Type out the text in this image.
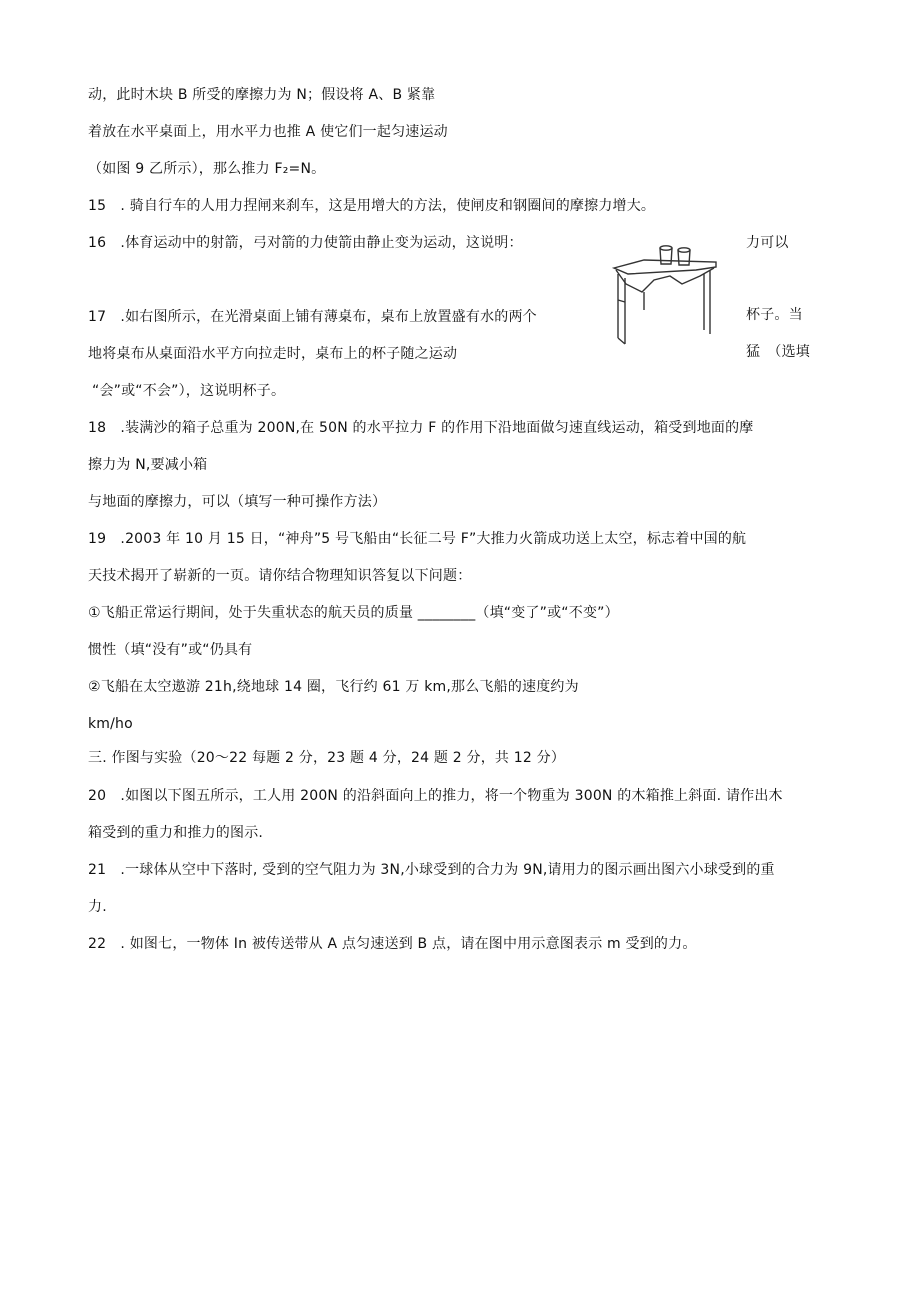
动，此时木块 B 所受的摩擦力为 N；假设将 A、B 紧靠
着放在水平桌面上，用水平力也推 A 使它们一起匀速运动
（如图 9 乙所示），那么推力 F₂=N。
15　. 骑自行车的人用力捏闸来刹车，这是用增大的方法，使闸皮和钢圈间的摩擦力增大。
16　.体育运动中的射箭，弓对箭的力使箭由静止变为运动，这说明：	力可以
17　.如右图所示，在光滑桌面上铺有薄桌布，桌布上放置盛有水的两个	杯子。当
地将桌布从桌面沿水平方向拉走时，桌布上的杯子随之运动	猛　（选填
“会”或“不会”），这说明杯子。
18　.装满沙的箱子总重为 200N,在 50N 的水平拉力 F 的作用下沿地面做匀速直线运动，箱受到地面的摩
擦力为 N,要减小箱
与地面的摩擦力，可以（填写一种可操作方法）
19　.2003 年 10 月 15 日，“神舟”5 号飞船由“长征二号 F”大推力火箭成功送上太空，标志着中国的航
天技术揭开了崭新的一页。请你结合物理知识答复以下问题：
①飞船正常运行期间，处于失重状态的航天员的质量 ________（填“变了”或“不变”）
惯性（填“没有”或“仍具有
②飞船在太空遨游 21h,绕地球 14 圈，飞行约 61 万 km,那么飞船的速度约为
km/ho
三. 作图与实验（20～22 每题 2 分，23 题 4 分，24 题 2 分，共 12 分）
20　.如图以下图五所示，工人用 200N 的沿斜面向上的推力，将一个物重为 300N 的木箱推上斜面. 请作出木
箱受到的重力和推力的图示.
21　.一球体从空中下落时, 受到的空气阻力为 3N,小球受到的合力为 9N,请用力的图示画出图六小球受到的重
力.
22　. 如图七，一物体 In 被传送带从 A 点匀速送到 B 点，请在图中用示意图表示 m 受到的力。
